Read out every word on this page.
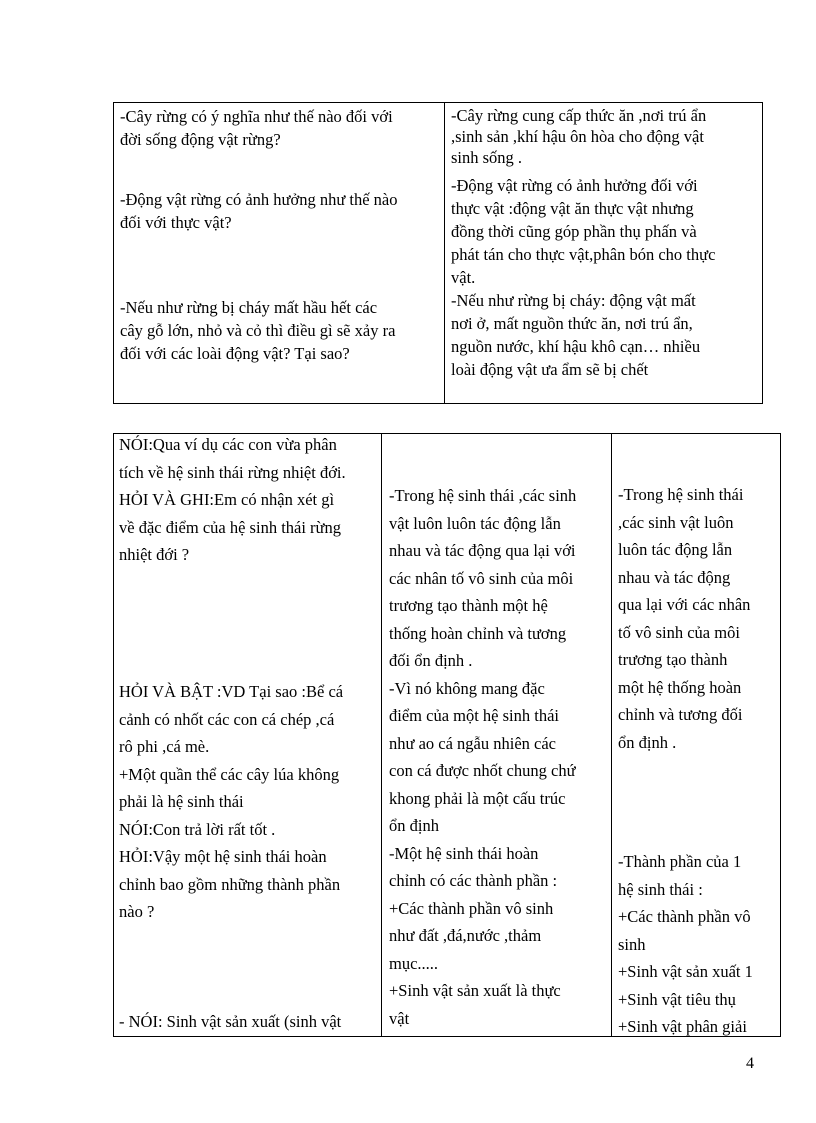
-Cây rừng có ý nghĩa như thế nào đối với
đời sống động vật rừng?
-Động vật rừng có ảnh hưởng như thế nào
đối với thực vật?
-Nếu như rừng bị cháy mất hầu hết các
cây gỗ lớn, nhỏ và cỏ thì điều gì sẽ xảy ra
đối với các loài động vật? Tại sao?
-Cây rừng cung cấp thức ăn ,nơi trú ẩn
,sinh sản ,khí hậu ôn hòa cho động vật
sinh sống .
-Động vật rừng có ảnh hưởng đối với
thực vật :động vật ăn thực vật nhưng
đồng thời cũng góp phần thụ phấn và
phát tán cho thực vật,phân bón cho thực
vật.
-Nếu như rừng bị cháy: động vật mất
nơi ở, mất nguồn thức ăn, nơi trú ẩn,
nguồn nước, khí hậu khô cạn… nhiều
loài động vật ưa ẩm sẽ bị chết
NÓI:Qua ví dụ các con vừa phân
tích về hệ sinh thái rừng nhiệt đới.
HỎI VÀ GHI:Em có nhận xét gì
về đặc điểm của hệ sinh thái rừng
nhiệt đới ?
HỎI VÀ BẬT :VD Tại sao :Bể cá
cảnh có nhốt các con cá chép ,cá
rô phi ,cá mè.
+Một quần thể các cây lúa không
phải là hệ sinh thái
NÓI:Con trả lời rất tốt .
HỎI:Vậy một hệ sinh thái hoàn
chỉnh bao gồm những thành phần
nào ?
- NÓI: Sinh vật sản xuất (sinh vật
-Trong hệ sinh thái ,các sinh
vật luôn luôn tác động lẫn
nhau và tác động qua lại với
các nhân tố vô sinh của môi
trương tạo thành một hệ
thống hoàn chỉnh và tương
đối ổn định .
-Vì nó không mang đặc
điểm của một hệ sinh thái
như ao cá ngẫu nhiên các
con cá được nhốt chung chứ
khong phải là một cấu trúc
ổn định
-Một hệ sinh thái hoàn
chỉnh có các thành phần :
+Các thành phần vô sinh
như đất ,đá,nước ,thảm
mục.....
+Sinh vật sản xuất là thực
vật
-Trong hệ sinh thái
,các sinh vật luôn
luôn tác động lẫn
nhau và tác động
qua lại với các nhân
tố vô sinh của môi
trương tạo thành
một hệ thống hoàn
chỉnh và tương đối
ổn định .
-Thành phần của 1
hệ sinh thái :
+Các thành phần vô
sinh
+Sinh vật sản xuất 1
+Sinh vật tiêu thụ
+Sinh vật phân giải
4
